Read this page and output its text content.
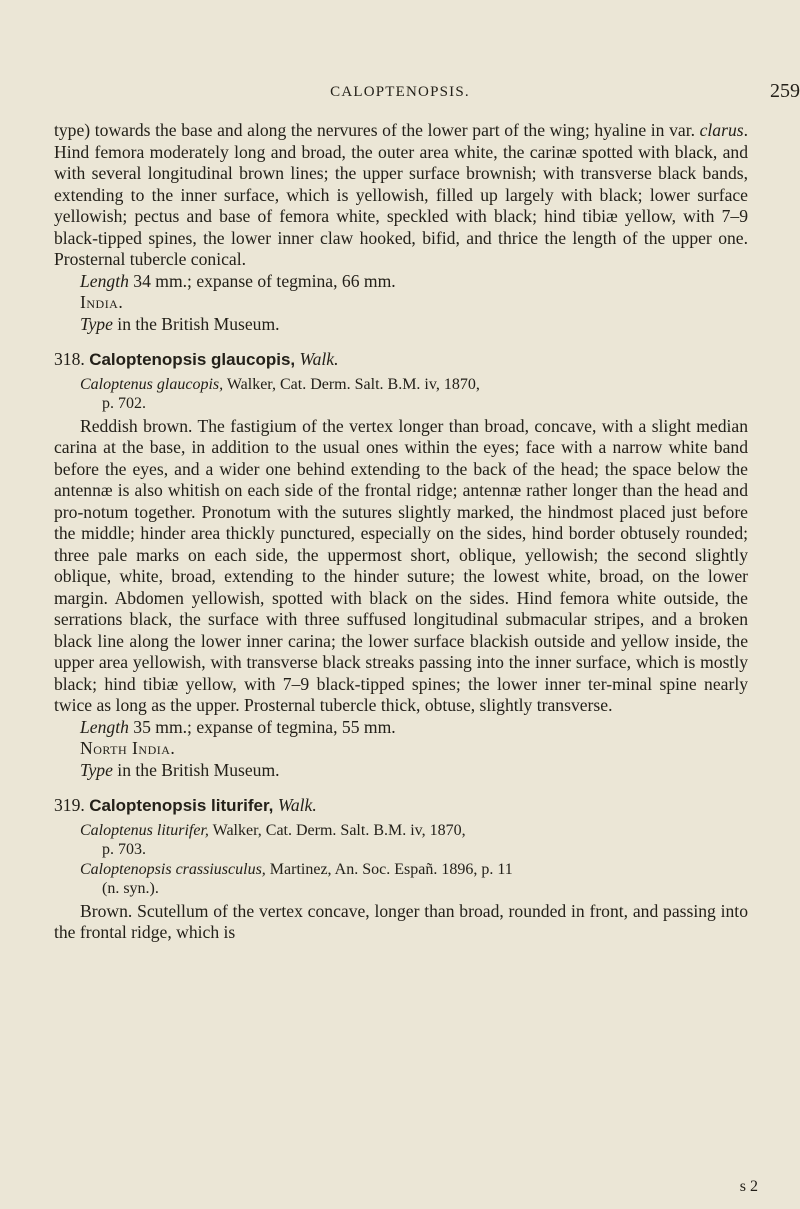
CALOPTENOPSIS.	259

type) towards the base and along the nervures of the lower part of the wing; hyaline in var. clarus. Hind femora moderately long and broad, the outer area white, the carinæ spotted with black, and with several longitudinal brown lines; the upper surface brownish; with transverse black bands, extending to the inner surface, which is yellowish, filled up largely with black; lower surface yellowish; pectus and base of femora white, speckled with black; hind tibiæ yellow, with 7–9 black-tipped spines, the lower inner claw hooked, bifid, and thrice the length of the upper one. Prosternal tubercle conical.

Length 34 mm.; expanse of tegmina, 66 mm.

India.

Type in the British Museum.

318. Caloptenopsis glaucopis, Walk.

Caloptenus glaucopis, Walker, Cat. Derm. Salt. B.M. iv, 1870,

p. 702.

Reddish brown. The fastigium of the vertex longer than broad, concave, with a slight median carina at the base, in addition to the usual ones within the eyes; face with a narrow white band before the eyes, and a wider one behind extending to the back of the head; the space below the antennæ is also whitish on each side of the frontal ridge; antennæ rather longer than the head and pro-notum together. Pronotum with the sutures slightly marked, the hindmost placed just before the middle; hinder area thickly punctured, especially on the sides, hind border obtusely rounded; three pale marks on each side, the uppermost short, oblique, yellowish; the second slightly oblique, white, broad, extending to the hinder suture; the lowest white, broad, on the lower margin. Abdomen yellowish, spotted with black on the sides. Hind femora white outside, the serrations black, the surface with three suffused longitudinal submacular stripes, and a broken black line along the lower inner carina; the lower surface blackish outside and yellow inside, the upper area yellowish, with transverse black streaks passing into the inner surface, which is mostly black; hind tibiæ yellow, with 7–9 black-tipped spines; the lower inner ter-minal spine nearly twice as long as the upper. Prosternal tubercle thick, obtuse, slightly transverse.

Length 35 mm.; expanse of tegmina, 55 mm.

North India.

Type in the British Museum.

319. Caloptenopsis liturifer, Walk.

Caloptenus liturifer, Walker, Cat. Derm. Salt. B.M. iv, 1870,

p. 703.

Caloptenopsis crassiusculus, Martinez, An. Soc. Españ. 1896, p. 11

(n. syn.).

Brown. Scutellum of the vertex concave, longer than broad, rounded in front, and passing into the frontal ridge, which is

s 2
